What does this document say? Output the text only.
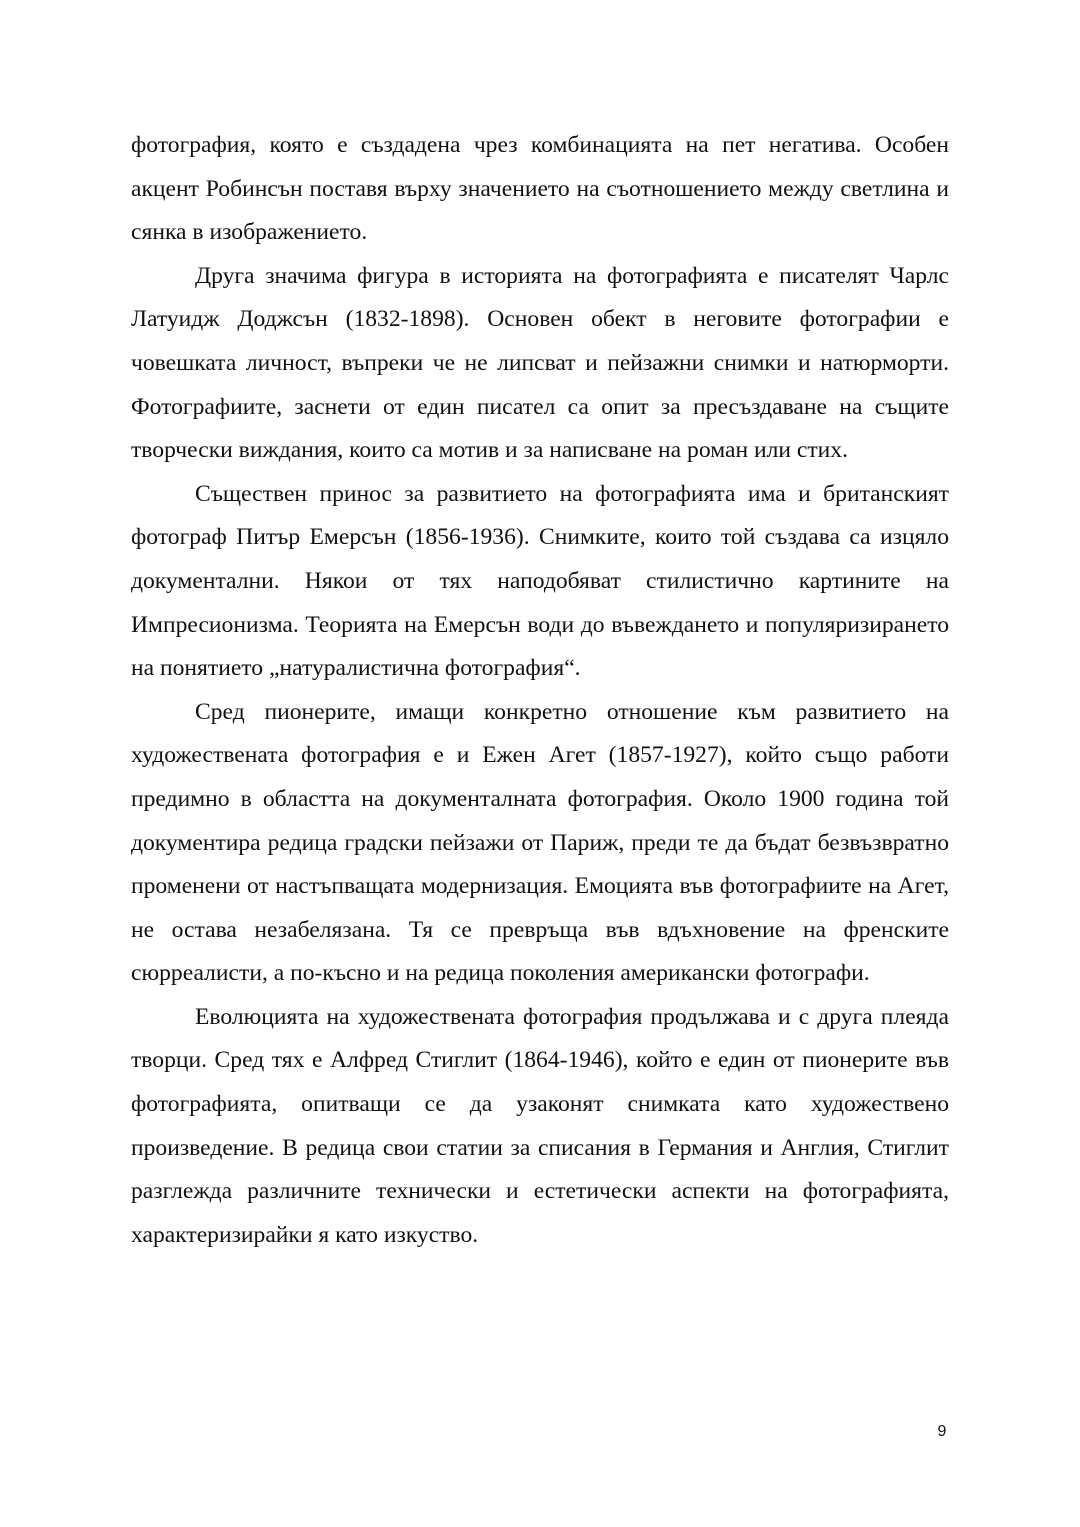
фотография, която е създадена чрез комбинацията на пет негатива. Особен акцент Робинсън поставя върху значението на съотношението между светлина и сянка в изображението.

Друга значима фигура в историята на фотографията е писателят Чарлс Латуидж Доджсън (1832-1898). Основен обект в неговите фотографии е човешката личност, въпреки че не липсват и пейзажни снимки и натюрморти. Фотографиите, заснети от един писател са опит за пресъздаване на същите творчески виждания, които са мотив и за написване на роман или стих.

Съществен принос за развитието на фотографията има и британският фотограф Питър Емерсън (1856-1936). Снимките, които той създава са изцяло документални. Някои от тях наподобяват стилистично картините на Импресионизма. Теорията на Емерсън води до въвеждането и популяризирането на понятието „натуралистична фотография“.

Сред пионерите, имащи конкретно отношение към развитието на художествената фотография е и Ежен Агет (1857-1927), който също работи предимно в областта на документалната фотография. Около 1900 година той документира редица градски пейзажи от Париж, преди те да бъдат безвъзвратно променени от настъпващата модернизация. Емоцията във фотографиите на Агет, не остава незабелязана. Тя се превръща във вдъхновение на френските сюрреалисти, а по-късно и на редица поколения американски фотографи.

Еволюцията на художествената фотография продължава и с друга плеяда творци. Сред тях е Алфред Стиглит (1864-1946), който е един от пионерите във фотографията, опитващи се да узаконят снимката като художествено произведение. В редица свои статии за списания в Германия и Англия, Стиглит разглежда различните технически и естетически аспекти на фотографията, характеризирайки я като изкуство.

9
